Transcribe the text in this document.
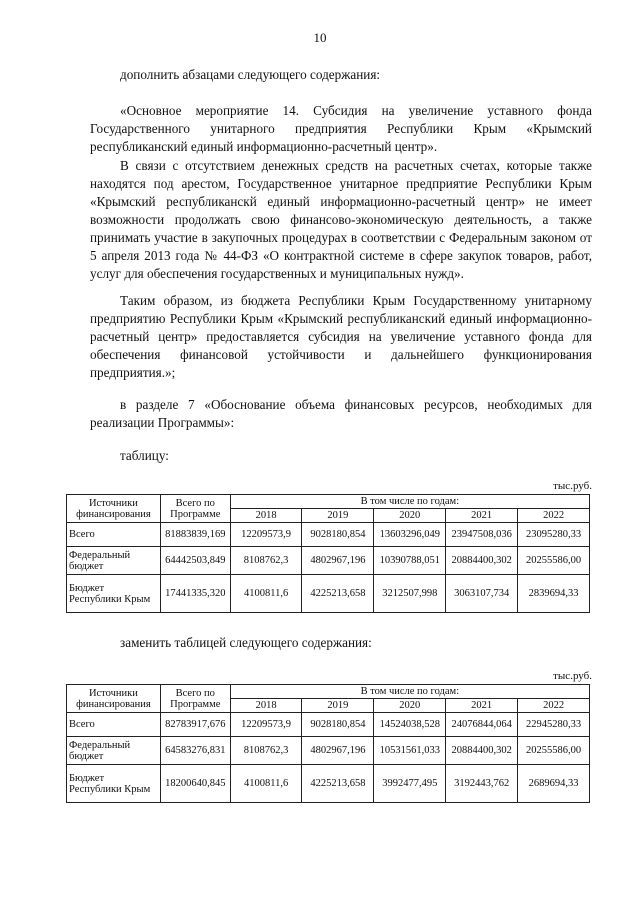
10

дополнить абзацами следующего содержания:

«Основное мероприятие 14. Субсидия на увеличение уставного фонда Государственного унитарного предприятия Республики Крым «Крымский республиканский единый информационно-расчетный центр».

В связи с отсутствием денежных средств на расчетных счетах, которые также находятся под арестом, Государственное унитарное предприятие Республики Крым «Крымский республиканскй единый информационно-расчетный центр» не имеет возможности продолжать свою финансово-экономическую деятельность, а также принимать участие в закупочных процедурах в соответствии с Федеральным законом от 5 апреля 2013 года № 44-ФЗ «О контрактной системе в сфере закупок товаров, работ, услуг для обеспечения государственных и муниципальных нужд».

Таким образом, из бюджета Республики Крым Государственному унитарному предприятию Республики Крым «Крымский республиканский единый информационно-расчетный центр» предоставляется субсидия на увеличение уставного фонда для обеспечения финансовой устойчивости и дальнейшего функционирования предприятия.»;

в разделе 7 «Обоснование объема финансовых ресурсов, необходимых для реализации Программы»:

таблицу:

тыс.руб.
Источники финансирования	Всего по Программе	В том числе по годам:				
		2018	2019	2020	2021	2022
Всего	81883839,169	12209573,9	9028180,854	13603296,049	23947508,036	23095280,33
Федеральный бюджет	64442503,849	8108762,3	4802967,196	10390788,051	20884400,302	20255586,00
Бюджет Республики Крым	17441335,320	4100811,6	4225213,658	3212507,998	3063107,734	2839694,33

заменить таблицей следующего содержания:

тыс.руб.
Источники финансирования	Всего по Программе	В том числе по годам:				
		2018	2019	2020	2021	2022
Всего	82783917,676	12209573,9	9028180,854	14524038,528	24076844,064	22945280,33
Федеральный бюджет	64583276,831	8108762,3	4802967,196	10531561,033	20884400,302	20255586,00
Бюджет Республики Крым	18200640,845	4100811,6	4225213,658	3992477,495	3192443,762	2689694,33
